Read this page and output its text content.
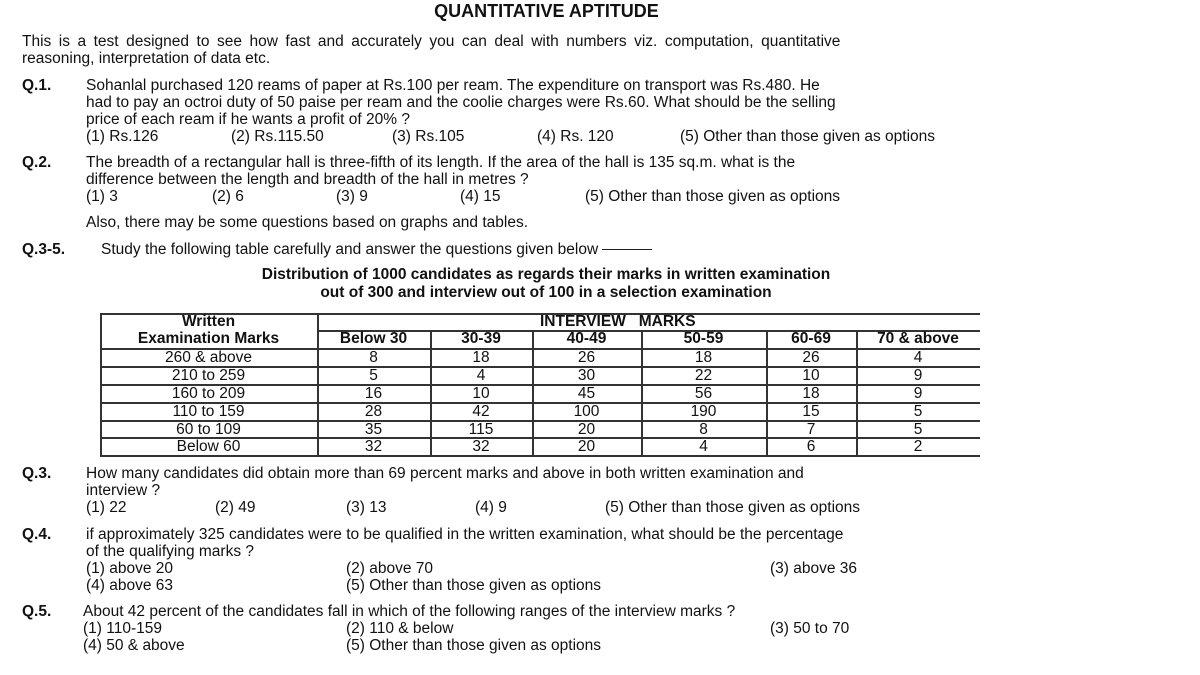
QUANTITATIVE APTITUDE
This is a test designed to see how fast and accurately you can deal with numbers viz. computation, quantitative
reasoning, interpretation of data etc.
Q.1. Sohanlal purchased 120 reams of paper at Rs.100 per ream. The expenditure on transport was Rs.480. He
had to pay an octroi duty of 50 paise per ream and the coolie charges were Rs.60. What should be the selling
price of each ream if he wants a profit of 20% ?
(1) Rs.126	(2) Rs.115.50	(3) Rs.105	(4) Rs. 120	(5) Other than those given as options
Q.2. The breadth of a rectangular hall is three-fifth of its length. If the area of the hall is 135 sq.m. what is the
difference between the length and breadth of the hall in metres ?
(1) 3	(2) 6	(3) 9	(4) 15	(5) Other than those given as options
Also, there may be some questions based on graphs and tables.
Q.3-5. Study the following table carefully and answer the questions given below
Distribution of 1000 candidates as regards their marks in written examination
out of 300 and interview out of 100 in a selection examination
Written
Examination Marks
INTERVIEW   MARKS
Below 30	30-39	40-49	50-59	60-69	70 & above
260 & above	8	18	26	18	26	4
210 to 259	5	4	30	22	10	9
160 to 209	16	10	45	56	18	9
110 to 159	28	42	100	190	15	5
60 to 109	35	115	20	8	7	5
Below 60	32	32	20	4	6	2
Q.3. How many candidates did obtain more than 69 percent marks and above in both written examination and
interview ?
(1) 22	(2) 49	(3) 13	(4) 9	(5) Other than those given as options
Q.4. if approximately 325 candidates were to be qualified in the written examination, what should be the percentage
of the qualifying marks ?
(1) above 20	(2) above 70	(3) above 36
(4) above 63	(5) Other than those given as options
Q.5. About 42 percent of the candidates fall in which of the following ranges of the interview marks ?
(1) 110-159	(2) 110 & below	(3) 50 to 70
(4) 50 & above	(5) Other than those given as options
